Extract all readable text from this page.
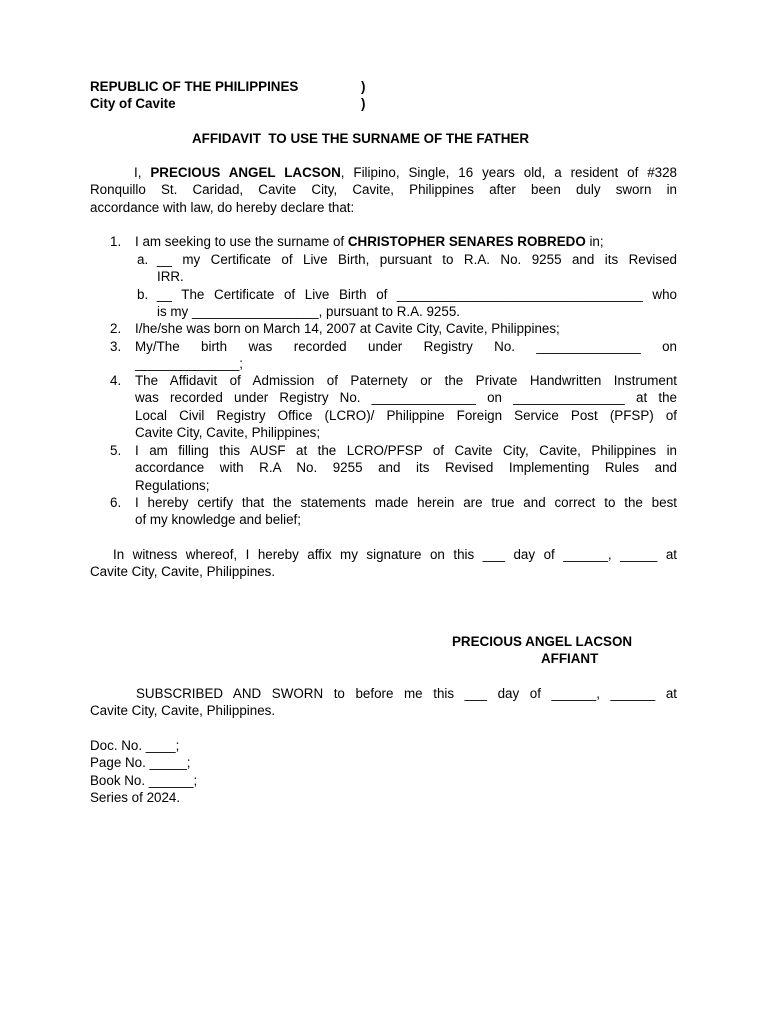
REPUBLIC OF THE PHILIPPINES	)
City of Cavite	)
AFFIDAVIT  TO USE THE SURNAME OF THE FATHER
I, PRECIOUS ANGEL LACSON, Filipino, Single, 16 years old, a resident of #328
Ronquillo St. Caridad, Cavite City, Cavite, Philippines after been duly sworn in
accordance with law, do hereby declare that:
1. I am seeking to use the surname of CHRISTOPHER SENARES ROBREDO in;
a. __ my Certificate of Live Birth, pursuant to R.A. No. 9255 and its Revised
IRR.
b. __ The Certificate of Live Birth of _________________________________ who
is my _________________, pursuant to R.A. 9255.
2. I/he/she was born on March 14, 2007 at Cavite City, Cavite, Philippines;
3. My/The birth was recorded under Registry No. ______________ on
______________;
4. The Affidavit of Admission of Paternety or the Private Handwritten Instrument
was recorded under Registry No. ______________ on _______________ at the
Local Civil Registry Office (LCRO)/ Philippine Foreign Service Post (PFSP) of
Cavite City, Cavite, Philippines;
5. I am filling this AUSF at the LCRO/PFSP of Cavite City, Cavite, Philippines in
accordance with R.A No. 9255 and its Revised Implementing Rules and
Regulations;
6. I hereby certify that the statements made herein are true and correct to the best
of my knowledge and belief;
In witness whereof, I hereby affix my signature on this ___ day of ______, _____ at
Cavite City, Cavite, Philippines.
PRECIOUS ANGEL LACSON
AFFIANT
SUBSCRIBED AND SWORN to before me this ___ day of ______, ______ at
Cavite City, Cavite, Philippines.
Doc. No. ____;
Page No. _____;
Book No. ______;
Series of 2024.
